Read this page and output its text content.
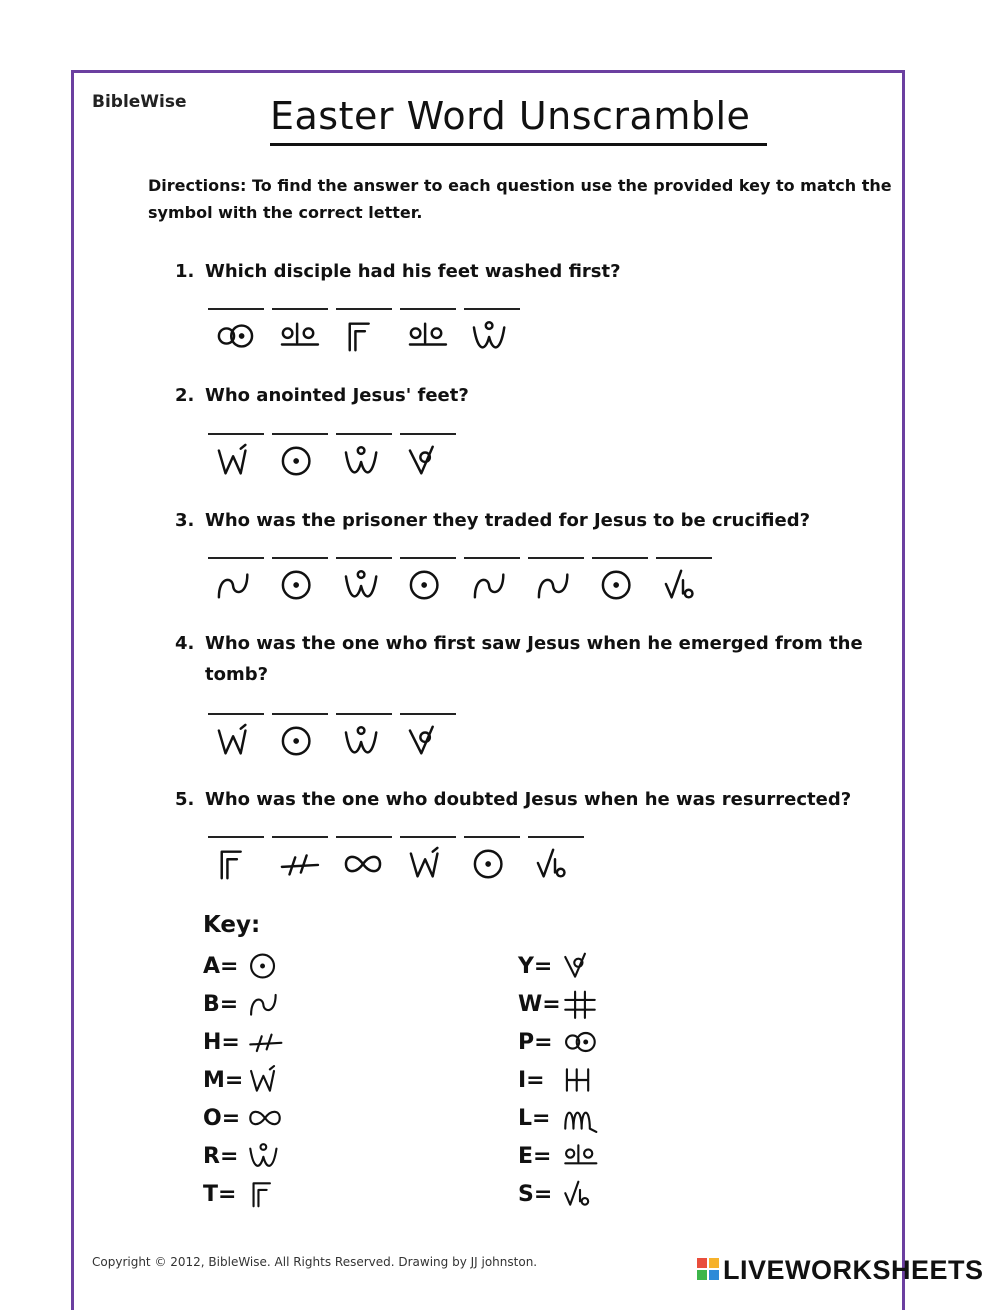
BibleWise Easter Word Unscramble
Directions: To find the answer to each question use the provided key to match the symbol with the correct letter.
1. Which disciple had his feet washed first?
2. Who anointed Jesus' feet?
3. Who was the prisoner they traded for Jesus to be crucified?
4. Who was the one who first saw Jesus when he emerged from the tomb?
5. Who was the one who doubted Jesus when he was resurrected?
Key:
A=
B=
H=
M=
O=
R=
T=
Y=
W=
P=
I=
L=
E=
S=
Copyright © 2012, BibleWise. All Rights Reserved. Drawing by JJ johnston.	LIVEWORKSHEETS
